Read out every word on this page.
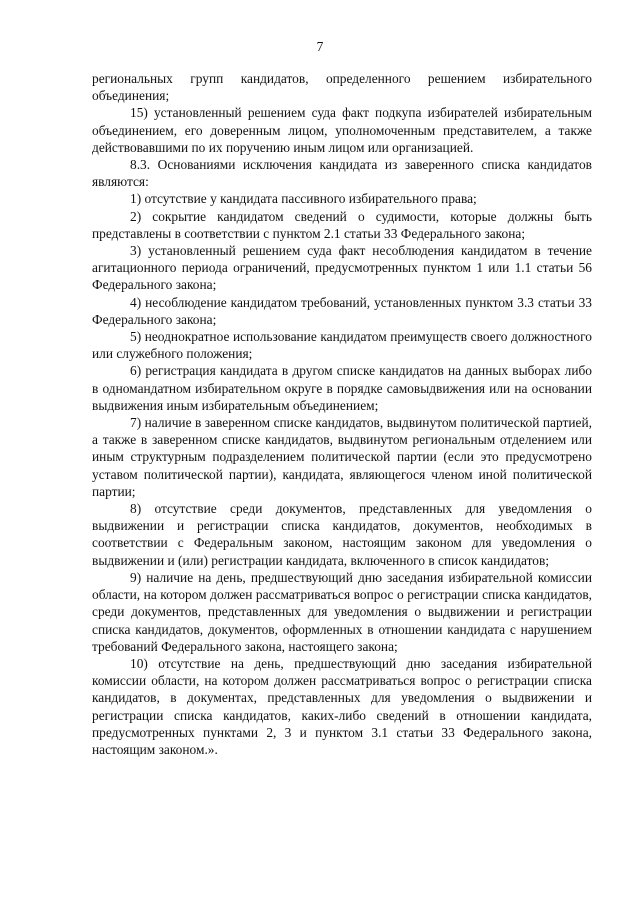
7

региональных групп кандидатов, определенного решением избирательного объединения;

15) установленный решением суда факт подкупа избирателей избирательным объединением, его доверенным лицом, уполномоченным представителем, а также действовавшими по их поручению иным лицом или организацией.

8.3. Основаниями исключения кандидата из заверенного списка кандидатов являются:

1) отсутствие у кандидата пассивного избирательного права;

2) сокрытие кандидатом сведений о судимости, которые должны быть представлены в соответствии с пунктом 2.1 статьи 33 Федерального закона;

3) установленный решением суда факт несоблюдения кандидатом в течение агитационного периода ограничений, предусмотренных пунктом 1 или 1.1 статьи 56 Федерального закона;

4) несоблюдение кандидатом требований, установленных пунктом 3.3 статьи 33 Федерального закона;

5) неоднократное использование кандидатом преимуществ своего должностного или служебного положения;

6) регистрация кандидата в другом списке кандидатов на данных выборах либо в одномандатном избирательном округе в порядке самовыдвижения или на основании выдвижения иным избирательным объединением;

7) наличие в заверенном списке кандидатов, выдвинутом политической партией, а также в заверенном списке кандидатов, выдвинутом региональным отделением или иным структурным подразделением политической партии (если это предусмотрено уставом политической партии), кандидата, являющегося членом иной политической партии;

8) отсутствие среди документов, представленных для уведомления о выдвижении и регистрации списка кандидатов, документов, необходимых в соответствии с Федеральным законом, настоящим законом для уведомления о выдвижении и (или) регистрации кандидата, включенного в список кандидатов;

9) наличие на день, предшествующий дню заседания избирательной комиссии области, на котором должен рассматриваться вопрос о регистрации списка кандидатов, среди документов, представленных для уведомления о выдвижении и регистрации списка кандидатов, документов, оформленных в отношении кандидата с нарушением требований Федерального закона, настоящего закона;

10) отсутствие на день, предшествующий дню заседания избирательной комиссии области, на котором должен рассматриваться вопрос о регистрации списка кандидатов, в документах, представленных для уведомления о выдвижении и регистрации списка кандидатов, каких-либо сведений в отношении кандидата, предусмотренных пунктами 2, 3 и пунктом 3.1 статьи 33 Федерального закона, настоящим законом.».
